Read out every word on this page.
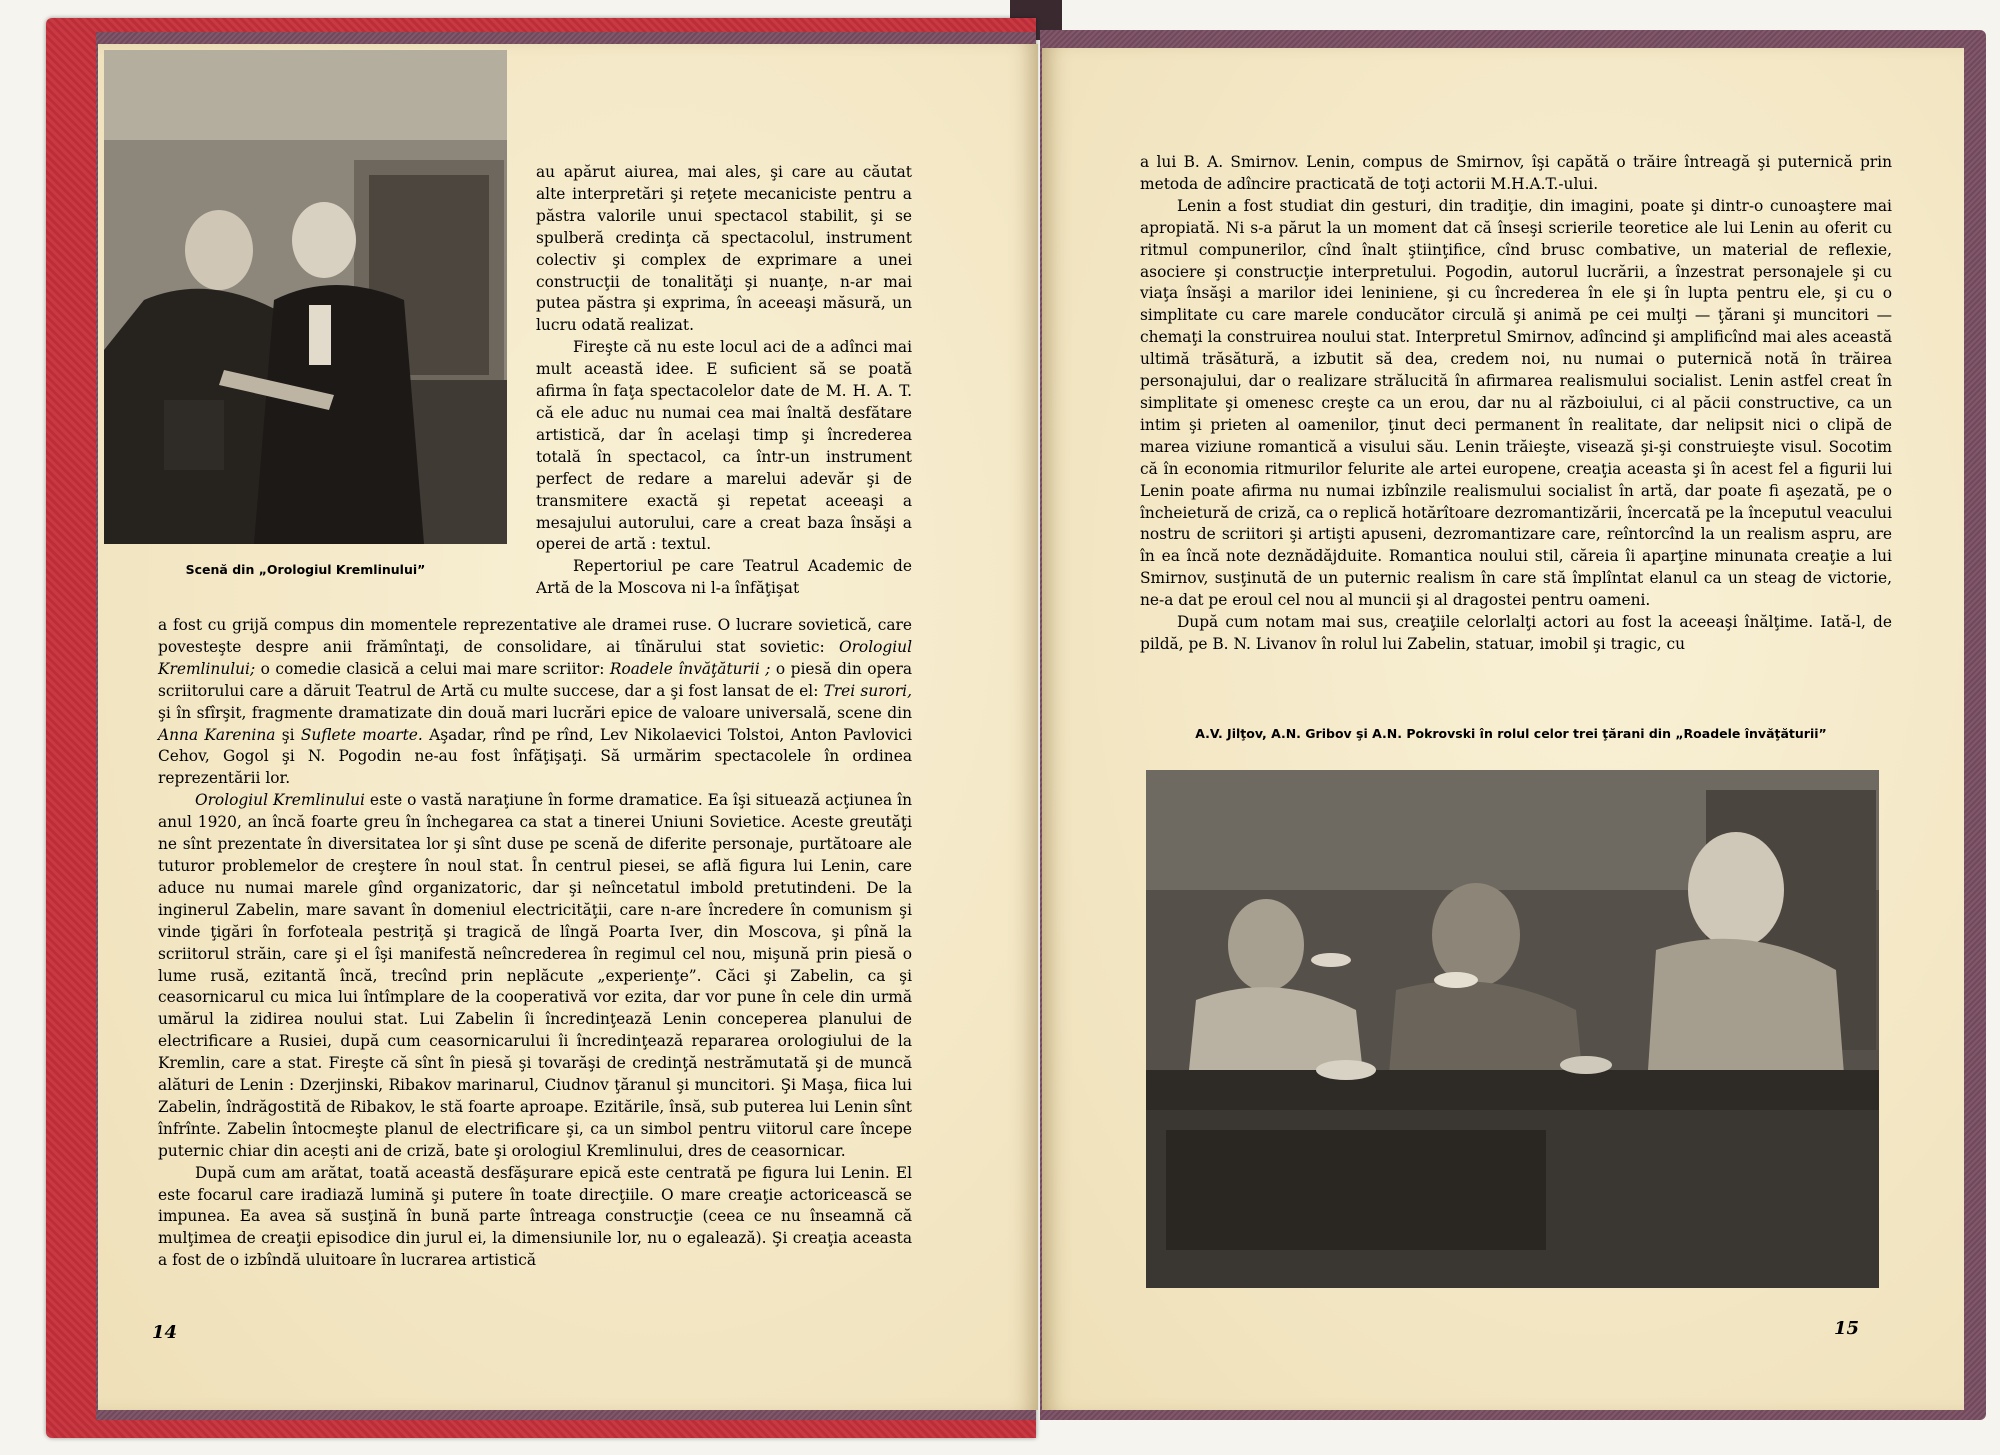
Scenă din „Orologiul Kremlinului”

au apărut aiurea, mai ales, şi care au căutat alte interpretări şi reţete mecaniciste pentru a păstra valorile unui spectacol stabilit, şi se spulberă credinţa că spectacolul, instrument colectiv şi complex de exprimare a unei construcţii de tonalităţi şi nuanţe, n-ar mai putea păstra şi exprima, în aceeaşi măsură, un lucru odată realizat.

Fireşte că nu este locul aci de a adînci mai mult această idee. E suficient să se poată afirma în faţa spectacolelor date de M. H. A. T. că ele aduc nu numai cea mai înaltă desfătare artistică, dar în acelaşi timp şi încrederea totală în spectacol, ca într-un instrument perfect de redare a marelui adevăr şi de transmitere exactă şi repetat aceeaşi a mesajului autorului, care a creat baza însăşi a operei de artă : textul.

Repertoriul pe care Teatrul Academic de Artă de la Moscova ni l-a înfăţişat

a fost cu grijă compus din momentele reprezentative ale dramei ruse. O lucrare sovietică, care povesteşte despre anii frămîntaţi, de consolidare, ai tînărului stat sovietic: Orologiul Kremlinului; o comedie clasică a celui mai mare scriitor: Roadele învăţăturii ; o piesă din opera scriitorului care a dăruit Teatrul de Artă cu multe succese, dar a şi fost lansat de el: Trei surori, şi în sfîrşit, fragmente dramatizate din două mari lucrări epice de valoare universală, scene din Anna Karenina şi Suflete moarte. Aşadar, rînd pe rînd, Lev Nikolaevici Tolstoi, Anton Pavlovici Cehov, Gogol şi N. Pogodin ne-au fost înfăţişaţi. Să urmărim spectacolele în ordinea reprezentării lor.

Orologiul Kremlinului este o vastă naraţiune în forme dramatice. Ea îşi situează acţiunea în anul 1920, an încă foarte greu în închegarea ca stat a tinerei Uniuni Sovietice. Aceste greutăţi ne sînt prezentate în diversitatea lor şi sînt duse pe scenă de diferite personaje, purtătoare ale tuturor problemelor de creştere în noul stat. În centrul piesei, se află figura lui Lenin, care aduce nu numai marele gînd organizatoric, dar şi neîncetatul imbold pretutindeni. De la inginerul Zabelin, mare savant în domeniul electricităţii, care n-are încredere în comunism şi vinde ţigări în forfoteala pestriţă şi tragică de lîngă Poarta Iver, din Moscova, şi pînă la scriitorul străin, care şi el îşi manifestă neîncrederea în regimul cel nou, mişună prin piesă o lume rusă, ezitantă încă, trecînd prin neplăcute „experienţe”. Căci şi Zabelin, ca şi ceasornicarul cu mica lui întîmplare de la cooperativă vor ezita, dar vor pune în cele din urmă umărul la zidirea noului stat. Lui Zabelin îi încredinţează Lenin conceperea planului de electrificare a Rusiei, după cum ceasornicarului îi încredinţează repararea orologiului de la Kremlin, care a stat. Fireşte că sînt în piesă şi tovarăşi de credinţă nestrămutată şi de muncă alături de Lenin : Dzerjinski, Ribakov marinarul, Ciudnov ţăranul şi muncitori. Şi Maşa, fiica lui Zabelin, îndrăgostită de Ribakov, le stă foarte aproape. Ezitările, însă, sub puterea lui Lenin sînt înfrînte. Zabelin întocmeşte planul de electrificare şi, ca un simbol pentru viitorul care începe puternic chiar din acești ani de criză, bate şi orologiul Kremlinului, dres de ceasornicar.

După cum am arătat, toată această desfăşurare epică este centrată pe figura lui Lenin. El este focarul care iradiază lumină şi putere în toate direcţiile. O mare creaţie actoricească se impunea. Ea avea să susţină în bună parte întreaga construcţie (ceea ce nu înseamnă că mulţimea de creaţii episodice din jurul ei, la dimensiunile lor, nu o egalează). Şi creaţia aceasta a fost de o izbîndă uluitoare în lucrarea artistică

14

a lui B. A. Smirnov. Lenin, compus de Smirnov, îşi capătă o trăire întreagă şi puternică prin metoda de adîncire practicată de toţi actorii M.H.A.T.-ului.

Lenin a fost studiat din gesturi, din tradiţie, din imagini, poate şi dintr-o cunoaştere mai apropiată. Ni s-a părut la un moment dat că înseşi scrierile teoretice ale lui Lenin au oferit cu ritmul compunerilor, cînd înalt ştiinţifice, cînd brusc combative, un material de reflexie, asociere şi construcţie interpretului. Pogodin, autorul lucrării, a înzestrat personajele şi cu viaţa însăşi a marilor idei leniniene, şi cu încrederea în ele şi în lupta pentru ele, şi cu o simplitate cu care marele conducător circulă şi animă pe cei mulţi — ţărani şi muncitori — chemaţi la construirea noului stat. Interpretul Smirnov, adîncind şi amplificînd mai ales această ultimă trăsătură, a izbutit să dea, credem noi, nu numai o puternică notă în trăirea personajului, dar o realizare strălucită în afirmarea realismului socialist. Lenin astfel creat în simplitate şi omenesc creşte ca un erou, dar nu al războiului, ci al păcii constructive, ca un intim şi prieten al oamenilor, ţinut deci permanent în realitate, dar nelipsit nici o clipă de marea viziune romantică a visului său. Lenin trăieşte, visează şi-şi construieşte visul. Socotim că în economia ritmurilor felurite ale artei europene, creaţia aceasta şi în acest fel a figurii lui Lenin poate afirma nu numai izbînzile realismului socialist în artă, dar poate fi aşezată, pe o încheietură de criză, ca o replică hotărîtoare dezromantizării, încercată pe la începutul veacului nostru de scriitori şi artişti apuseni, dezromantizare care, reîntorcînd la un realism aspru, are în ea încă note deznădăjduite. Romantica noului stil, căreia îi aparţine minunata creaţie a lui Smirnov, susţinută de un puternic realism în care stă împlîntat elanul ca un steag de victorie, ne-a dat pe eroul cel nou al muncii şi al dragostei pentru oameni.

După cum notam mai sus, creaţiile celorlalţi actori au fost la aceeaşi înălţime. Iată-l, de pildă, pe B. N. Livanov în rolul lui Zabelin, statuar, imobil şi tragic, cu

A.V. Jilţov, A.N. Gribov şi A.N. Pokrovski în rolul celor trei ţărani din „Roadele învăţăturii”
15
